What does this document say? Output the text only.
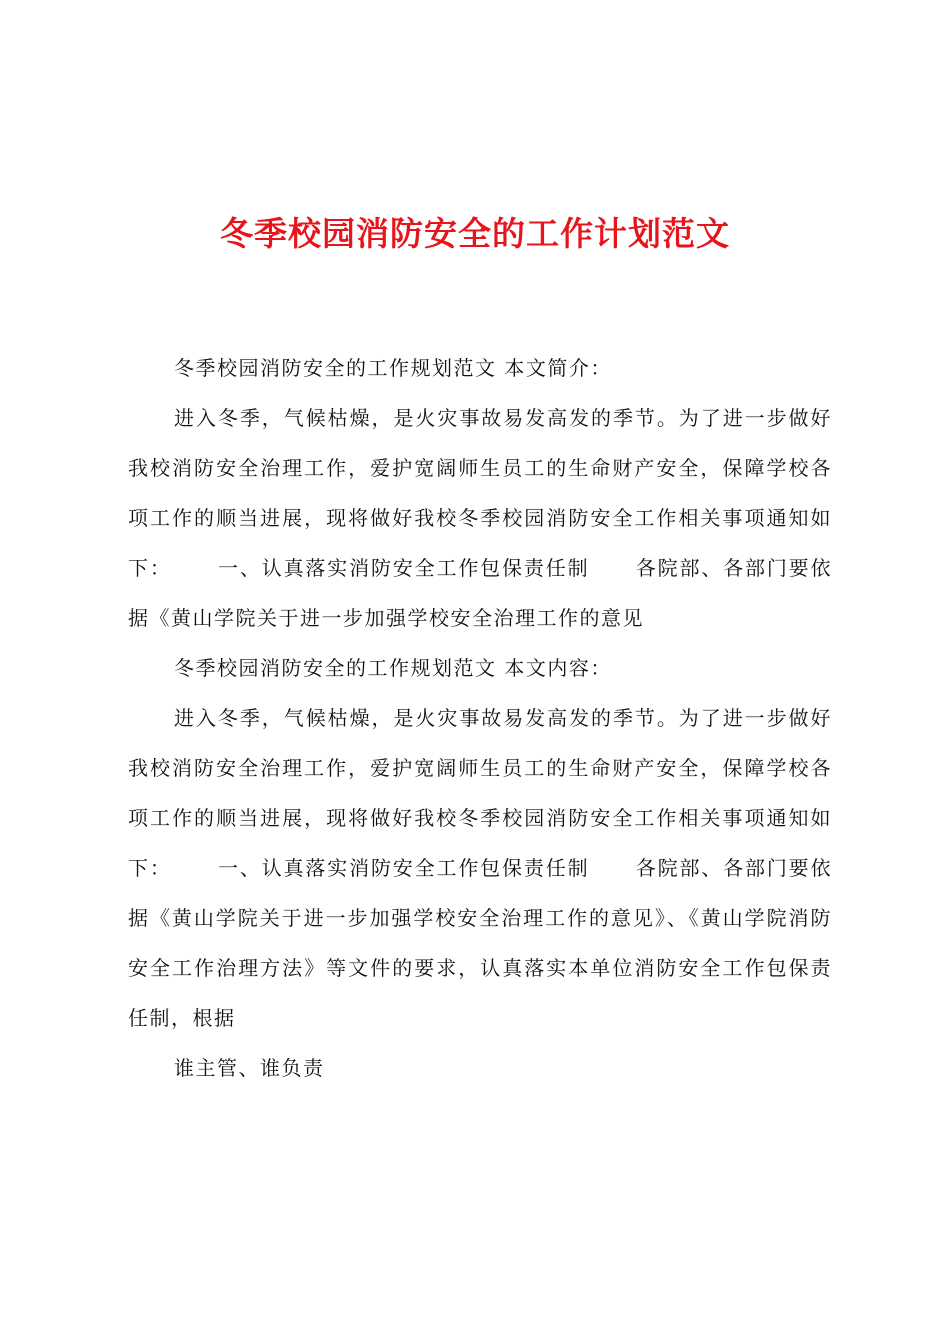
冬季校园消防安全的工作计划范文

冬季校园消防安全的工作规划范文 本文简介：

进入冬季，气候枯燥，是火灾事故易发高发的季节。为了进一步做好我校消防安全治理工作，爱护宽阔师生员工的生命财产安全，保障学校各项工作的顺当进展，现将做好我校冬季校园消防安全工作相关事项通知如下： 一、认真落实消防安全工作包保责任制 各院部、各部门要依据《黄山学院关于进一步加强学校安全治理工作的意见

冬季校园消防安全的工作规划范文 本文内容：

进入冬季，气候枯燥，是火灾事故易发高发的季节。为了进一步做好我校消防安全治理工作，爱护宽阔师生员工的生命财产安全，保障学校各项工作的顺当进展，现将做好我校冬季校园消防安全工作相关事项通知如下： 一、认真落实消防安全工作包保责任制 各院部、各部门要依据《黄山学院关于进一步加强学校安全治理工作的意见》、《黄山学院消防安全工作治理方法》等文件的要求，认真落实本单位消防安全工作包保责任制，根据

谁主管、谁负责
